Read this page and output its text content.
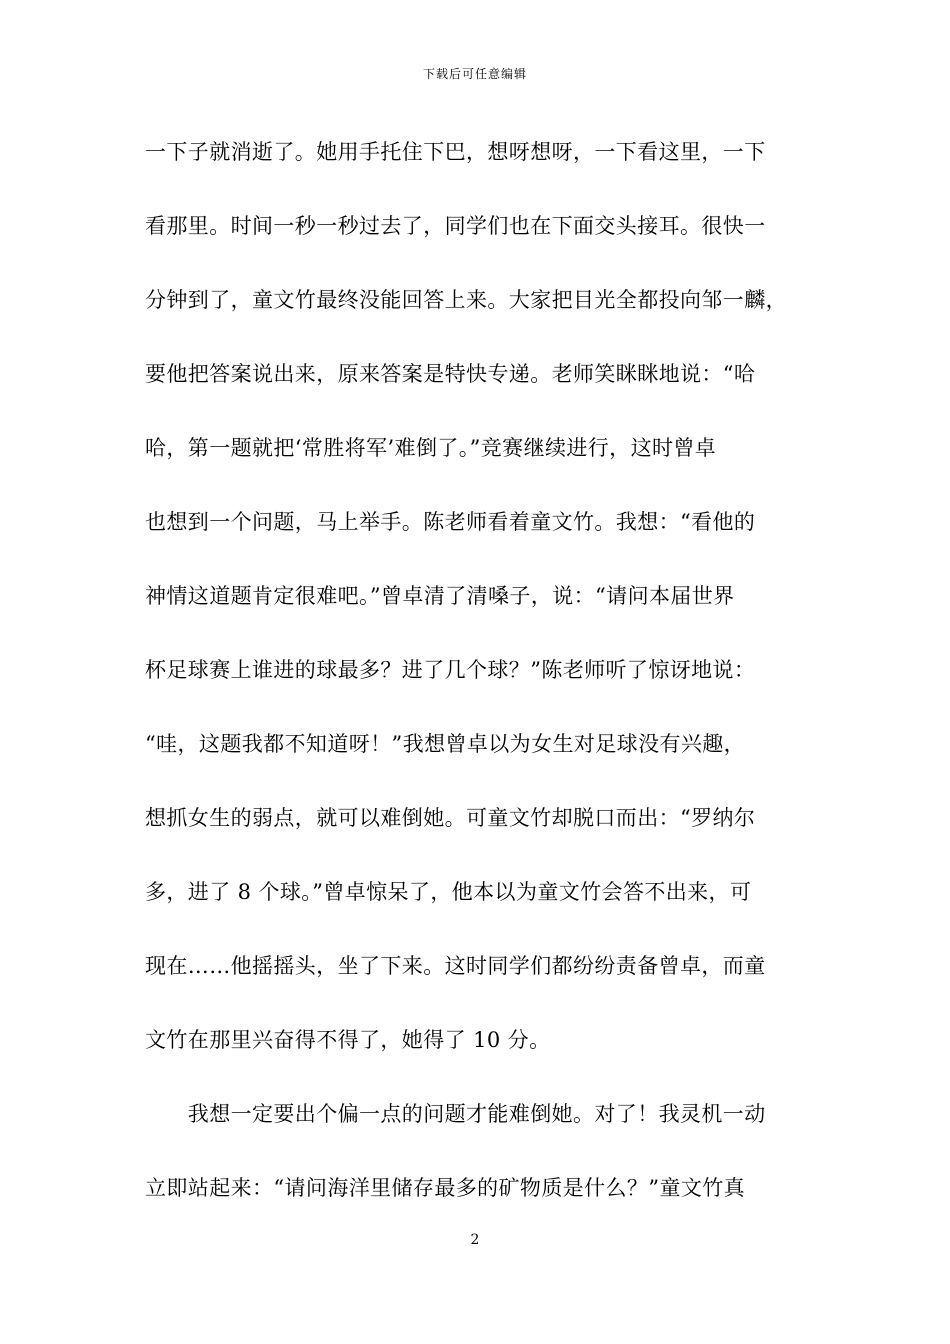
下载后可任意编辑
一下子就消逝了。她用手托住下巴，想呀想呀，一下看这里，一下
看那里。时间一秒一秒过去了，同学们也在下面交头接耳。很快一
分钟到了，童文竹最终没能回答上来。大家把目光全都投向邹一麟，
要他把答案说出来，原来答案是特快专递。老师笑眯眯地说：“哈
哈，第一题就把‘常胜将军’难倒了。”竞赛继续进行，这时曾卓
也想到一个问题，马上举手。陈老师看着童文竹。我想：“看他的
神情这道题肯定很难吧。”曾卓清了清嗓子，说：“请问本届世界
杯足球赛上谁进的球最多？进了几个球？”陈老师听了惊讶地说：
“哇，这题我都不知道呀！”我想曾卓以为女生对足球没有兴趣，
想抓女生的弱点，就可以难倒她。可童文竹却脱口而出：“罗纳尔
多，进了 8 个球。”曾卓惊呆了，他本以为童文竹会答不出来，可
现在……他摇摇头，坐了下来。这时同学们都纷纷责备曾卓，而童
文竹在那里兴奋得不得了，她得了 10 分。
　　我想一定要出个偏一点的问题才能难倒她。对了！我灵机一动
立即站起来：“请问海洋里储存最多的矿物质是什么？”童文竹真
2
